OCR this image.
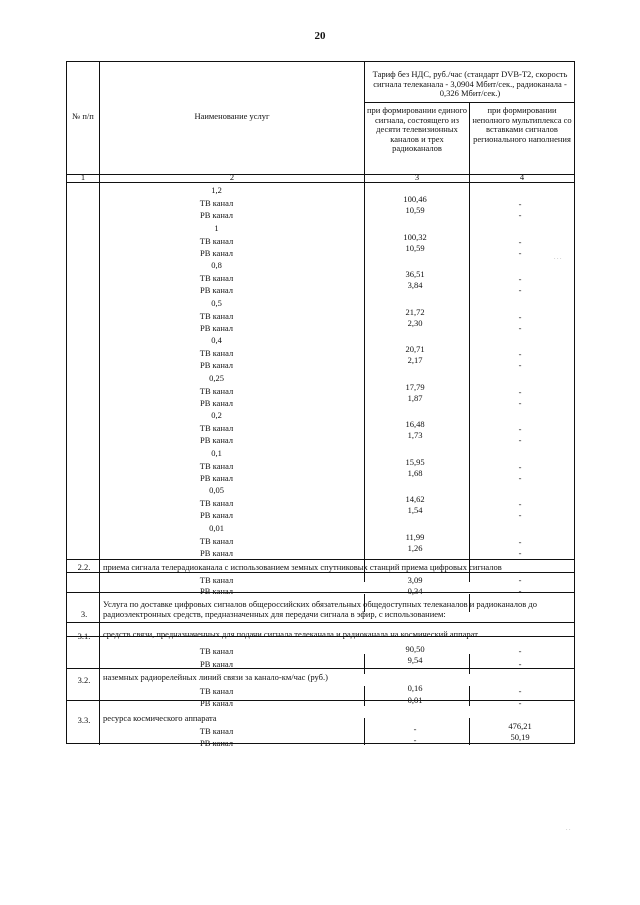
20
№ п/п	Наименование услуг
Тариф без НДС, руб./час (стандарт DVB-T2, скорость сигнала телеканала - 3,0904 Мбит/сек., радиоканала - 0,326 Мбит/сек.)
при формировании единого сигнала, состоящего из десяти телевизионных каналов и трех радиоканалов
при формировании неполного мультиплекса со вставками сигналов регионального наполнения
1	2	3	4
1,2
ТВ канал	100,46	-
РВ канал	10,59	-
1
ТВ канал	100,32	-
РВ канал	10,59	-
0,8
ТВ канал	36,51	-
РВ канал	3,84	-
0,5
ТВ канал	21,72	-
РВ канал	2,30	-
0,4
ТВ канал	20,71	-
РВ канал	2,17	-
0,25
ТВ канал	17,79	-
РВ канал	1,87	-
0,2
ТВ канал	16,48	-
РВ канал	1,73	-
0,1
ТВ канал	15,95	-
РВ канал	1,68	-
0,05
ТВ канал	14,62	-
РВ канал	1,54	-
0,01
ТВ канал	11,99	-
РВ канал	1,26	-
2.2.	приема сигнала телерадиоканала с использованием земных спутниковых станций приема цифровых сигналов
ТВ канал	3,09	-
РВ канал	0,34	-
3.
Услуга по доставке цифровых сигналов общероссийских обязательных общедоступных телеканалов и радиоканалов до радиоэлектронных средств, предназначенных для передачи сигнала в эфир, с использованием:
3.1.	средств связи, предназначенных для подачи сигнала телеканала и радиоканала на космический аппарат
ТВ канал	90,50	-
РВ канал	9,54	-
3.2.	наземных радиорелейных линий связи за канало-км/час (руб.)
ТВ канал	0,16	-
РВ канал	0,01	-
3.3.	ресурса космического аппарата
ТВ канал	-	476,21
РВ канал	-	50,19
. . .
. .
